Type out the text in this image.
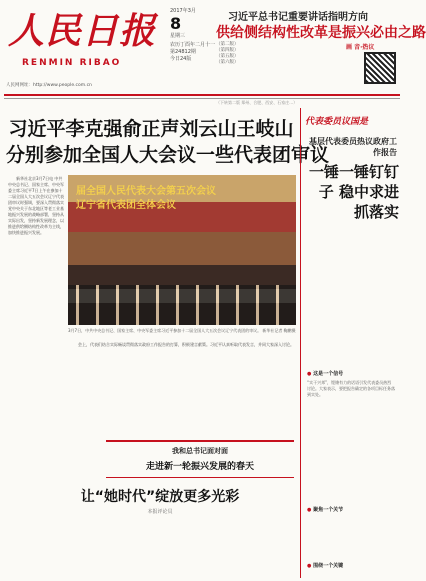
人民日报
RENMIN RIBAO
人民网网址：http://www.people.com.cn
2017年3月
8
星期三
农历丁酉年二月十一
第24812期
今日24版
习近平总书记重要讲话指明方向
供给侧结构性改革是振兴必由之路
（第二版）
（第四版）
（第五版）
（第六版）
画 音·热议
（下转第二版 郑州、合肥、西安、石家庄…）
习近平李克强俞正声刘云山王岐山
分别参加全国人大会议一些代表团审议

新华社北京3月7日电 中共中央总书记、国家主席、中央军委主席习近平7日上午在参加十二届全国人大五次会议辽宁代表团审议时强调，要深入贯彻落实党中央关于东北地区等老工业基地振兴发展的战略部署，坚持从实际出发，坚持新发展理念，以推进供给侧结构性改革为主线，加快推进振兴发展。

届全国人民代表大会第五次会议
辽宁省代表团全体会议
3月7日，中共中央总书记、国家主席、中央军委主席习近平参加十二届全国人大五次会议辽宁代表团的审议。 新华社记者 鞠鹏摄

会上，代表们结合实际畅谈贯彻落实政府工作报告的打算，积极建言献策。习近平认真听取代表发言，并同大家深入讨论。

我和总书记面对面
走进新一轮振兴发展的春天
让“她时代”绽放更多光彩
本报评论员
代表委员议国是
基层代表委员热议政府工作报告
一锤一锤钉钉子 稳中求进抓落实
● 这是一个信号
“实干兴邦”，铿锵有力的话语引发代表委员热烈讨论。大家表示，要把报告确定的各项目标任务落到实处。
● 聚焦一个关节
● 围绕一个关键
